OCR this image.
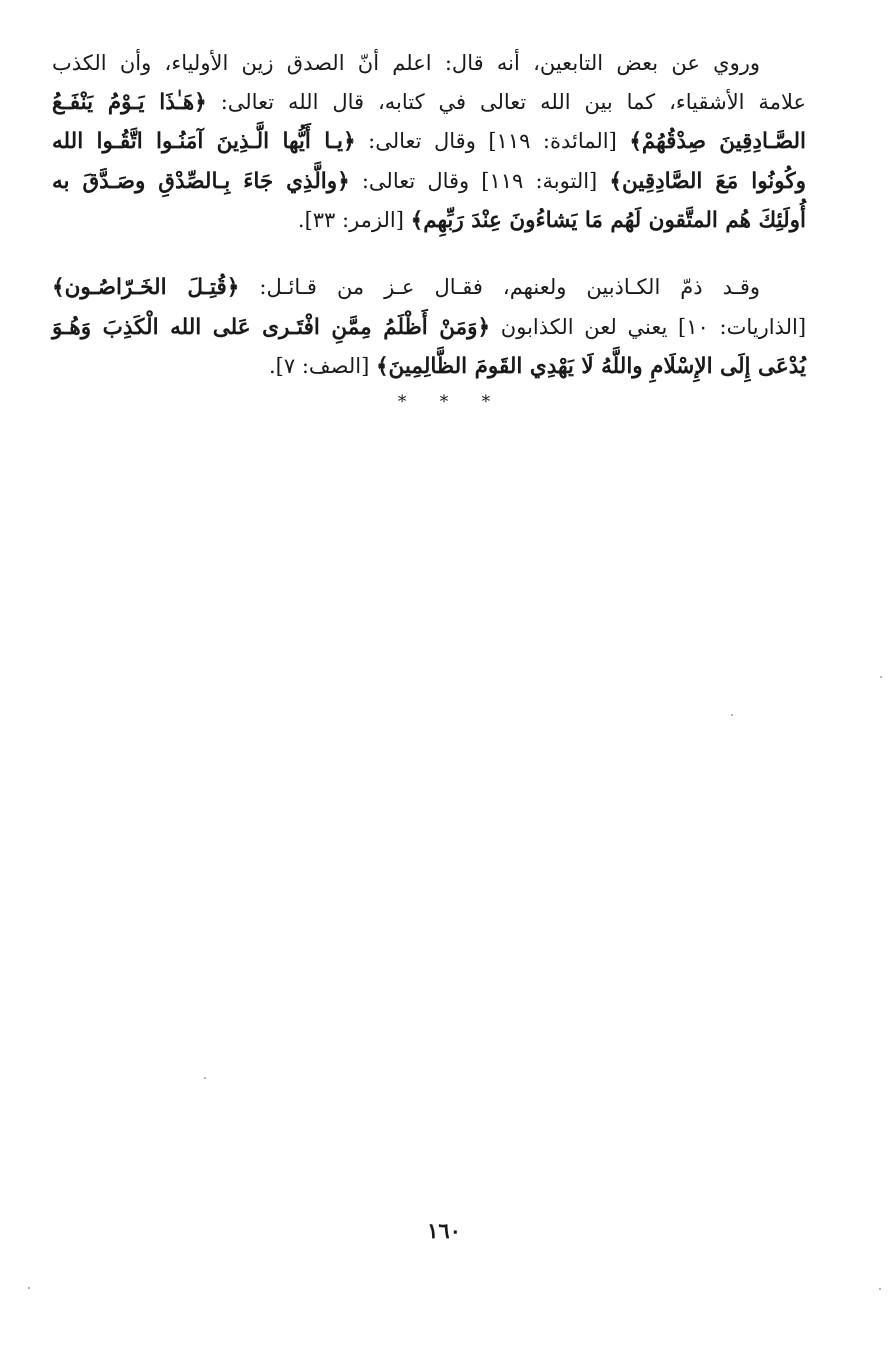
وروي عن بعض التابعين، أنه قال: اعلم أنّ الصدق زين الأولياء، وأن الكذب
علامة الأشقياء، كما بين الله تعالى في كتابه، قال الله تعالى: ﴿هَـٰذَا يَـوْمُ يَنْفَـعُ
الصَّـادِقِينَ صِدْقُهُمْ﴾ [المائدة: ١١٩] وقال تعالى: ﴿يـا أَيُّها الَّـذِينَ آمَنُـوا اتَّقُـوا الله
وكُونُوا مَعَ الصَّادِقِين﴾ [التوبة: ١١٩] وقال تعالى: ﴿والَّذِي جَاءَ بِـالصِّدْقِ وصَـدَّقَ به
أُولَئِكَ هُم المتَّقون لَهُم مَا يَشاءُونَ عِنْدَ رَبِّهِم﴾ [الزمر: ٣٣].
وقـد ذمّ الكـاذبين ولعنهم، فقـال عـز من قـائـل: ﴿قُتِـلَ الخَـرّاصُـون﴾
[الذاريات: ١٠] يعني لعن الكذابون ﴿وَمَنْ أَظْلَمُ مِمَّنِ افْتَـرى عَلى الله الْكَذِبَ وَهُـوَ
يُدْعَى إِلَى الإِسْلَامِ واللَّهُ لَا يَهْدِي القَومَ الظَّالِمِينَ﴾ [الصف: ٧].
* * *
١٦٠
